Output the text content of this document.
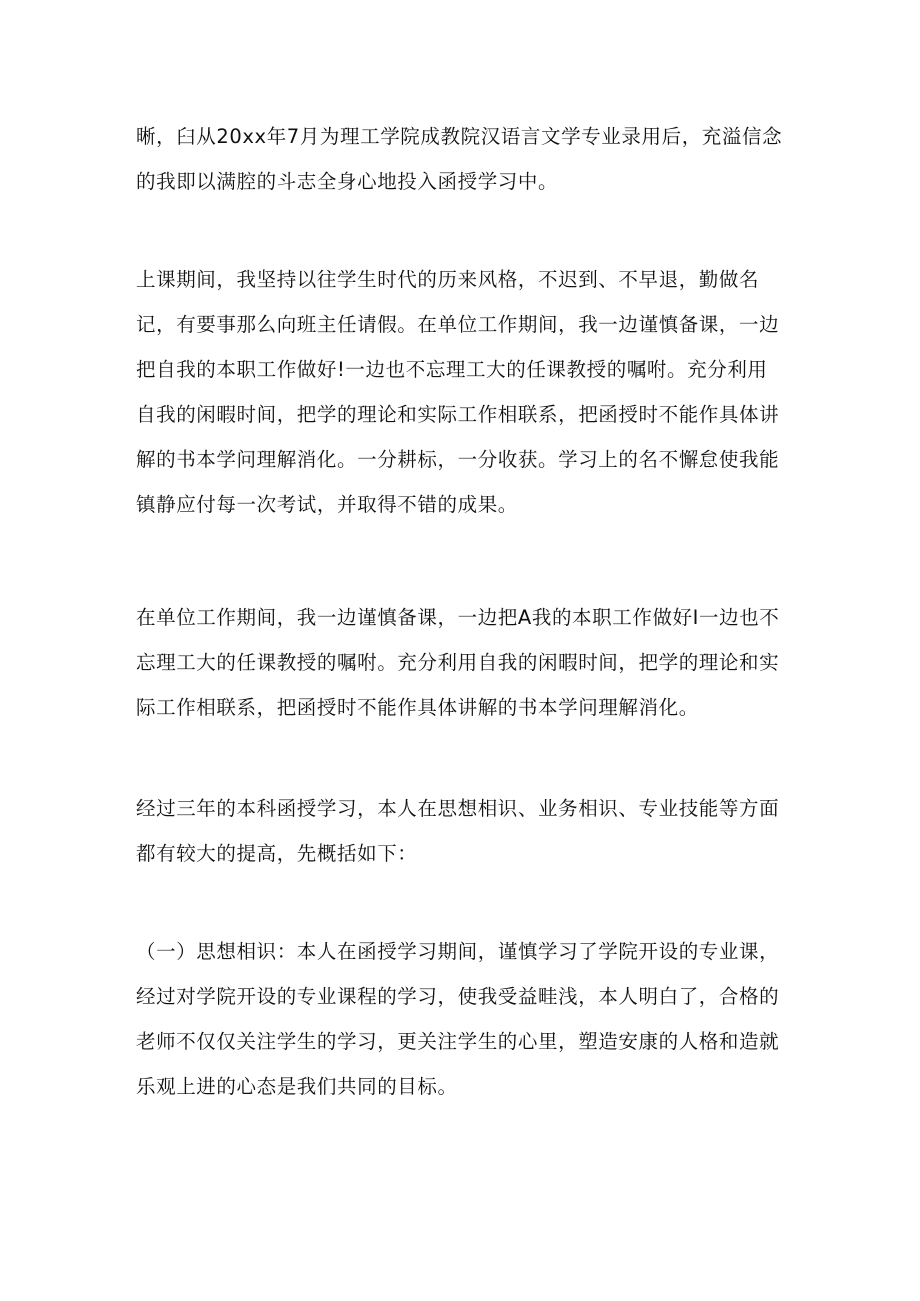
晰，臼从20xx年7月为理工学院成教院汉语言文学专业录用后，充溢信念
的我即以满腔的斗志全身心地投入函授学习中。

上课期间，我坚持以往学生时代的历来风格，不迟到、不早退，勤做名
记，有要事那么向班主任请假。在单位工作期间，我一边谨慎备课，一边
把自我的本职工作做好!一边也不忘理工大的任课教授的嘱咐。充分利用
自我的闲暇时间，把学的理论和实际工作相联系，把函授时不能作具体讲
解的书本学问理解消化。一分耕标，一分收获。学习上的名不懈怠使我能
镇静应付每一次考试，并取得不错的成果。

在单位工作期间，我一边谨慎备课，一边把A我的本职工作做好I一边也不
忘理工大的任课教授的嘱咐。充分利用自我的闲暇时间，把学的理论和实
际工作相联系，把函授时不能作具体讲解的书本学问理解消化。

经过三年的本科函授学习，本人在思想相识、业务相识、专业技能等方面
都有较大的提高，先概括如下：

（一）思想相识：本人在函授学习期间，谨慎学习了学院开设的专业课，
经过对学院开设的专业课程的学习，使我受益畦浅，本人明白了，合格的
老师不仅仅关注学生的学习，更关注学生的心里，塑造安康的人格和造就
乐观上进的心态是我们共同的目标。
